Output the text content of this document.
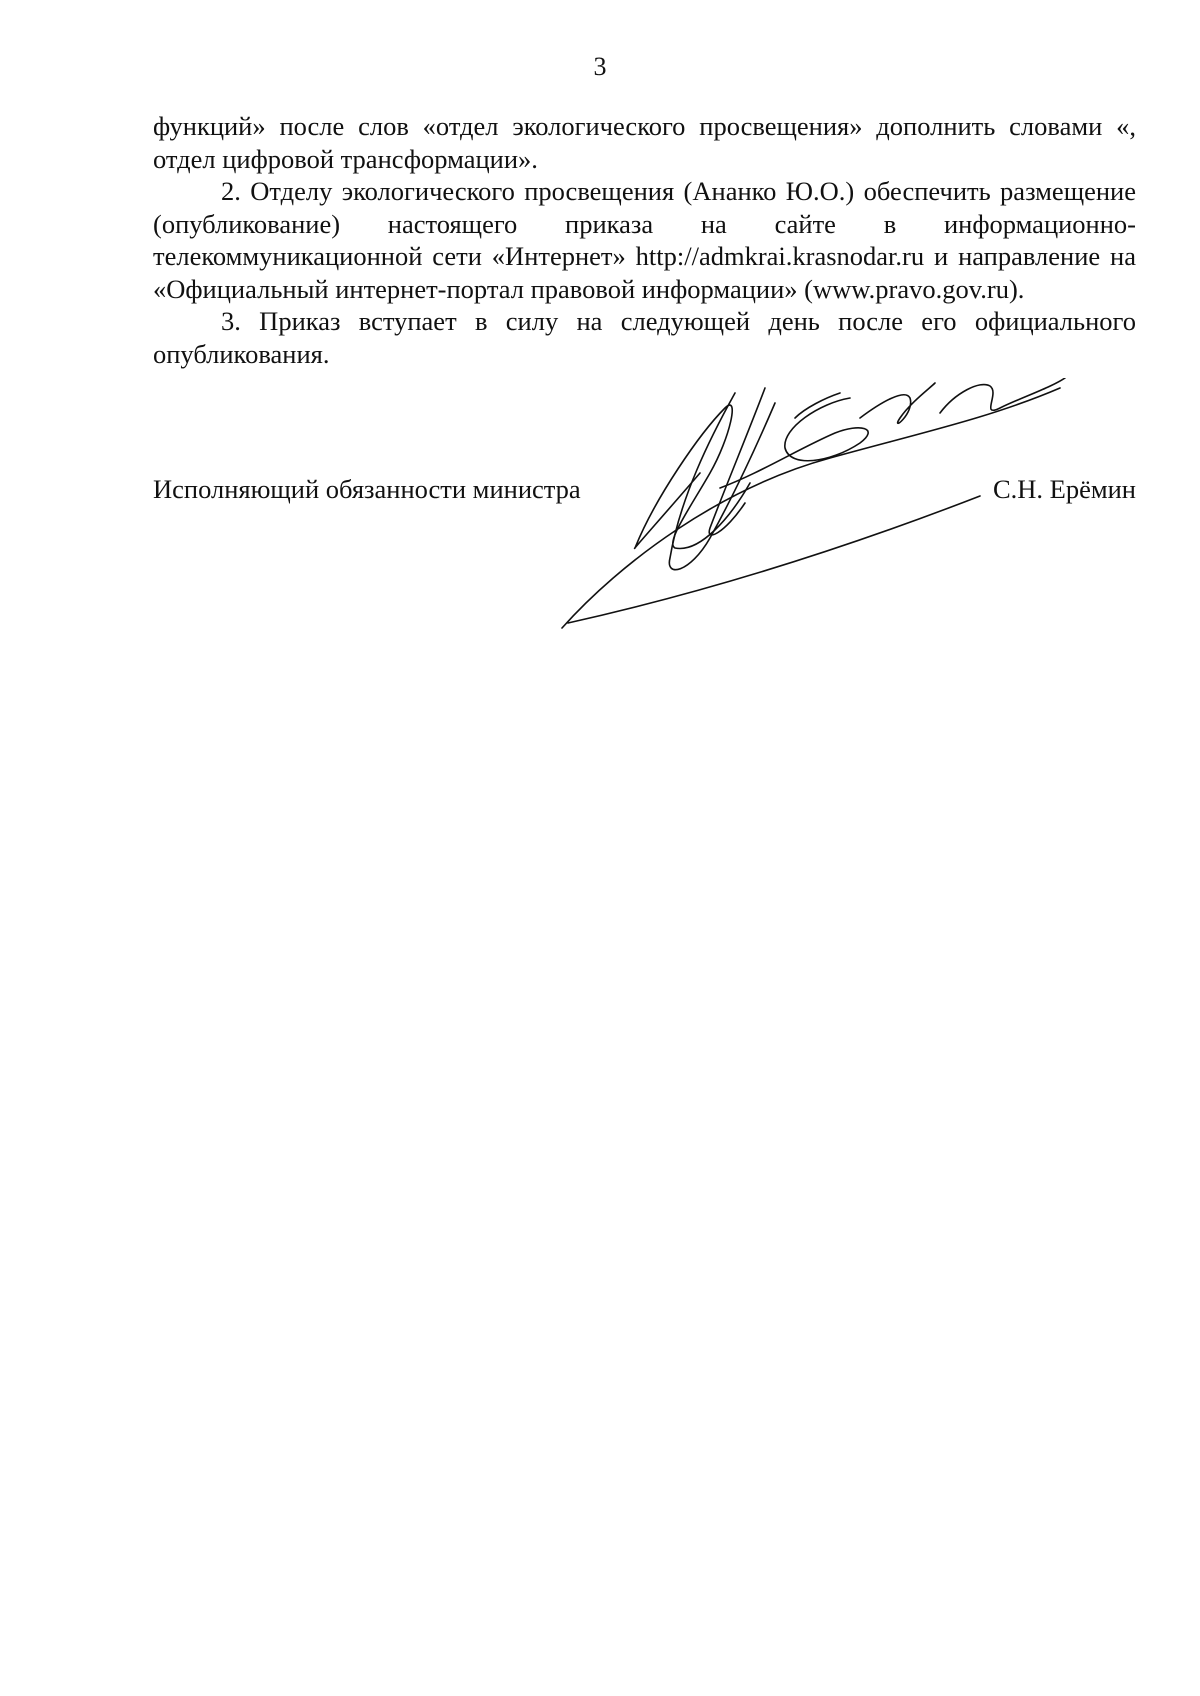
3

функций» после слов «отдел экологического просвещения» дополнить словами «, отдел цифровой трансформации».

2. Отделу экологического просвещения (Ананко Ю.О.) обеспечить размещение (опубликование) настоящего приказа на сайте в информационно-телекоммуникационной сети «Интернет» http://admkrai.krasnodar.ru и направление на «Официальный интернет-портал правовой информации» (www.pravo.gov.ru).

3. Приказ вступает в силу на следующей день после его официального опубликования.

Исполняющий обязанности министра	С.Н. Ерёмин
